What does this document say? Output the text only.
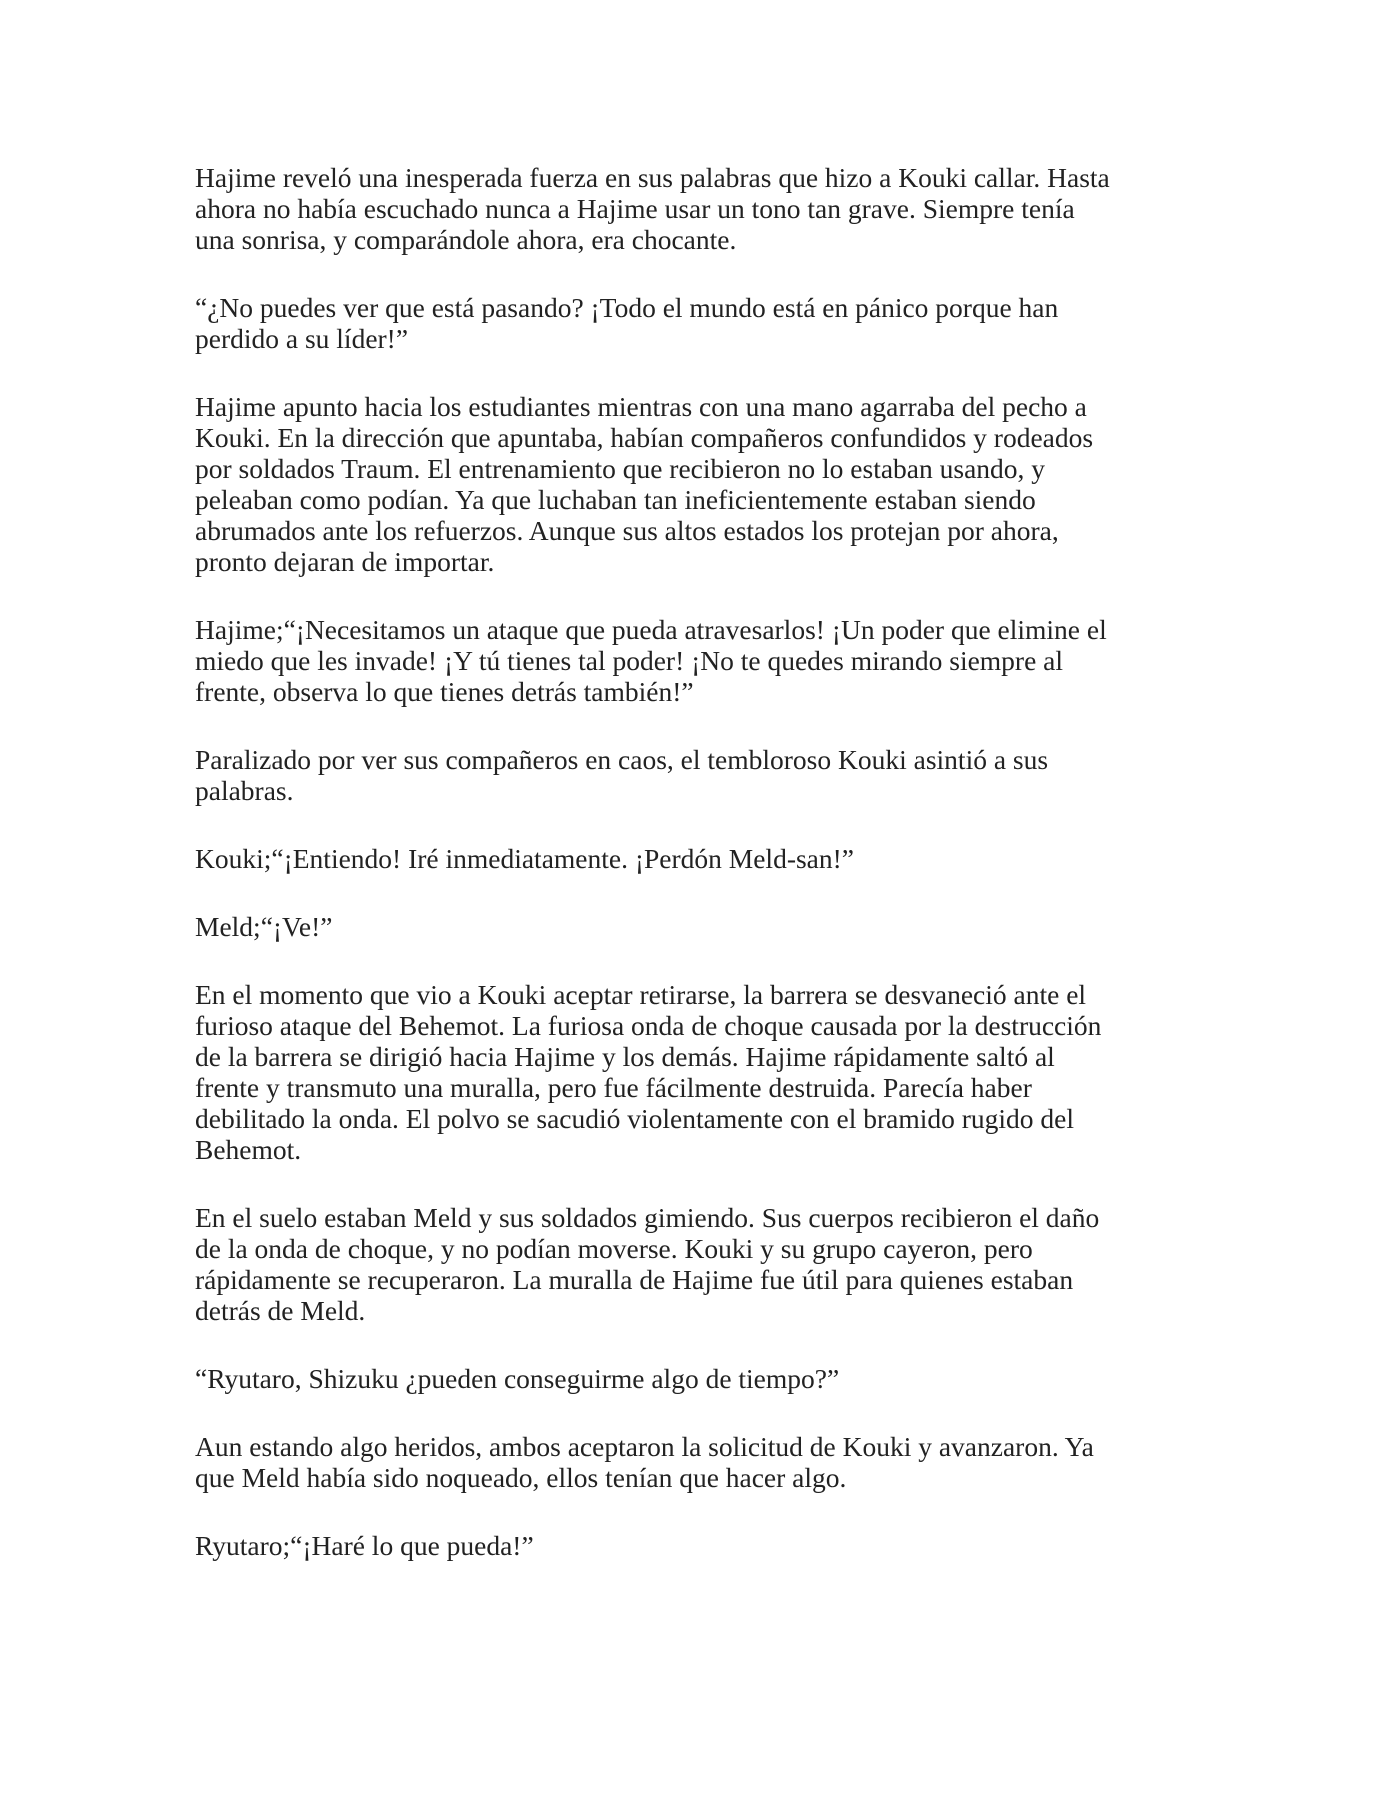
Hajime reveló una inesperada fuerza en sus palabras que hizo a Kouki callar. Hasta
ahora no había escuchado nunca a Hajime usar un tono tan grave. Siempre tenía
una sonrisa, y comparándole ahora, era chocante.

“¿No puedes ver que está pasando? ¡Todo el mundo está en pánico porque han
perdido a su líder!”

Hajime apunto hacia los estudiantes mientras con una mano agarraba del pecho a
Kouki. En la dirección que apuntaba, habían compañeros confundidos y rodeados
por soldados Traum. El entrenamiento que recibieron no lo estaban usando, y
peleaban como podían. Ya que luchaban tan ineficientemente estaban siendo
abrumados ante los refuerzos. Aunque sus altos estados los protejan por ahora,
pronto dejaran de importar.

Hajime;“¡Necesitamos un ataque que pueda atravesarlos! ¡Un poder que elimine el
miedo que les invade! ¡Y tú tienes tal poder! ¡No te quedes mirando siempre al
frente, observa lo que tienes detrás también!”

Paralizado por ver sus compañeros en caos, el tembloroso Kouki asintió a sus
palabras.

Kouki;“¡Entiendo! Iré inmediatamente. ¡Perdón Meld-san!”

Meld;“¡Ve!”

En el momento que vio a Kouki aceptar retirarse, la barrera se desvaneció ante el
furioso ataque del Behemot. La furiosa onda de choque causada por la destrucción
de la barrera se dirigió hacia Hajime y los demás. Hajime rápidamente saltó al
frente y transmuto una muralla, pero fue fácilmente destruida. Parecía haber
debilitado la onda. El polvo se sacudió violentamente con el bramido rugido del
Behemot.

En el suelo estaban Meld y sus soldados gimiendo. Sus cuerpos recibieron el daño
de la onda de choque, y no podían moverse. Kouki y su grupo cayeron, pero
rápidamente se recuperaron. La muralla de Hajime fue útil para quienes estaban
detrás de Meld.

“Ryutaro, Shizuku ¿pueden conseguirme algo de tiempo?”

Aun estando algo heridos, ambos aceptaron la solicitud de Kouki y avanzaron. Ya
que Meld había sido noqueado, ellos tenían que hacer algo.

Ryutaro;“¡Haré lo que pueda!”
